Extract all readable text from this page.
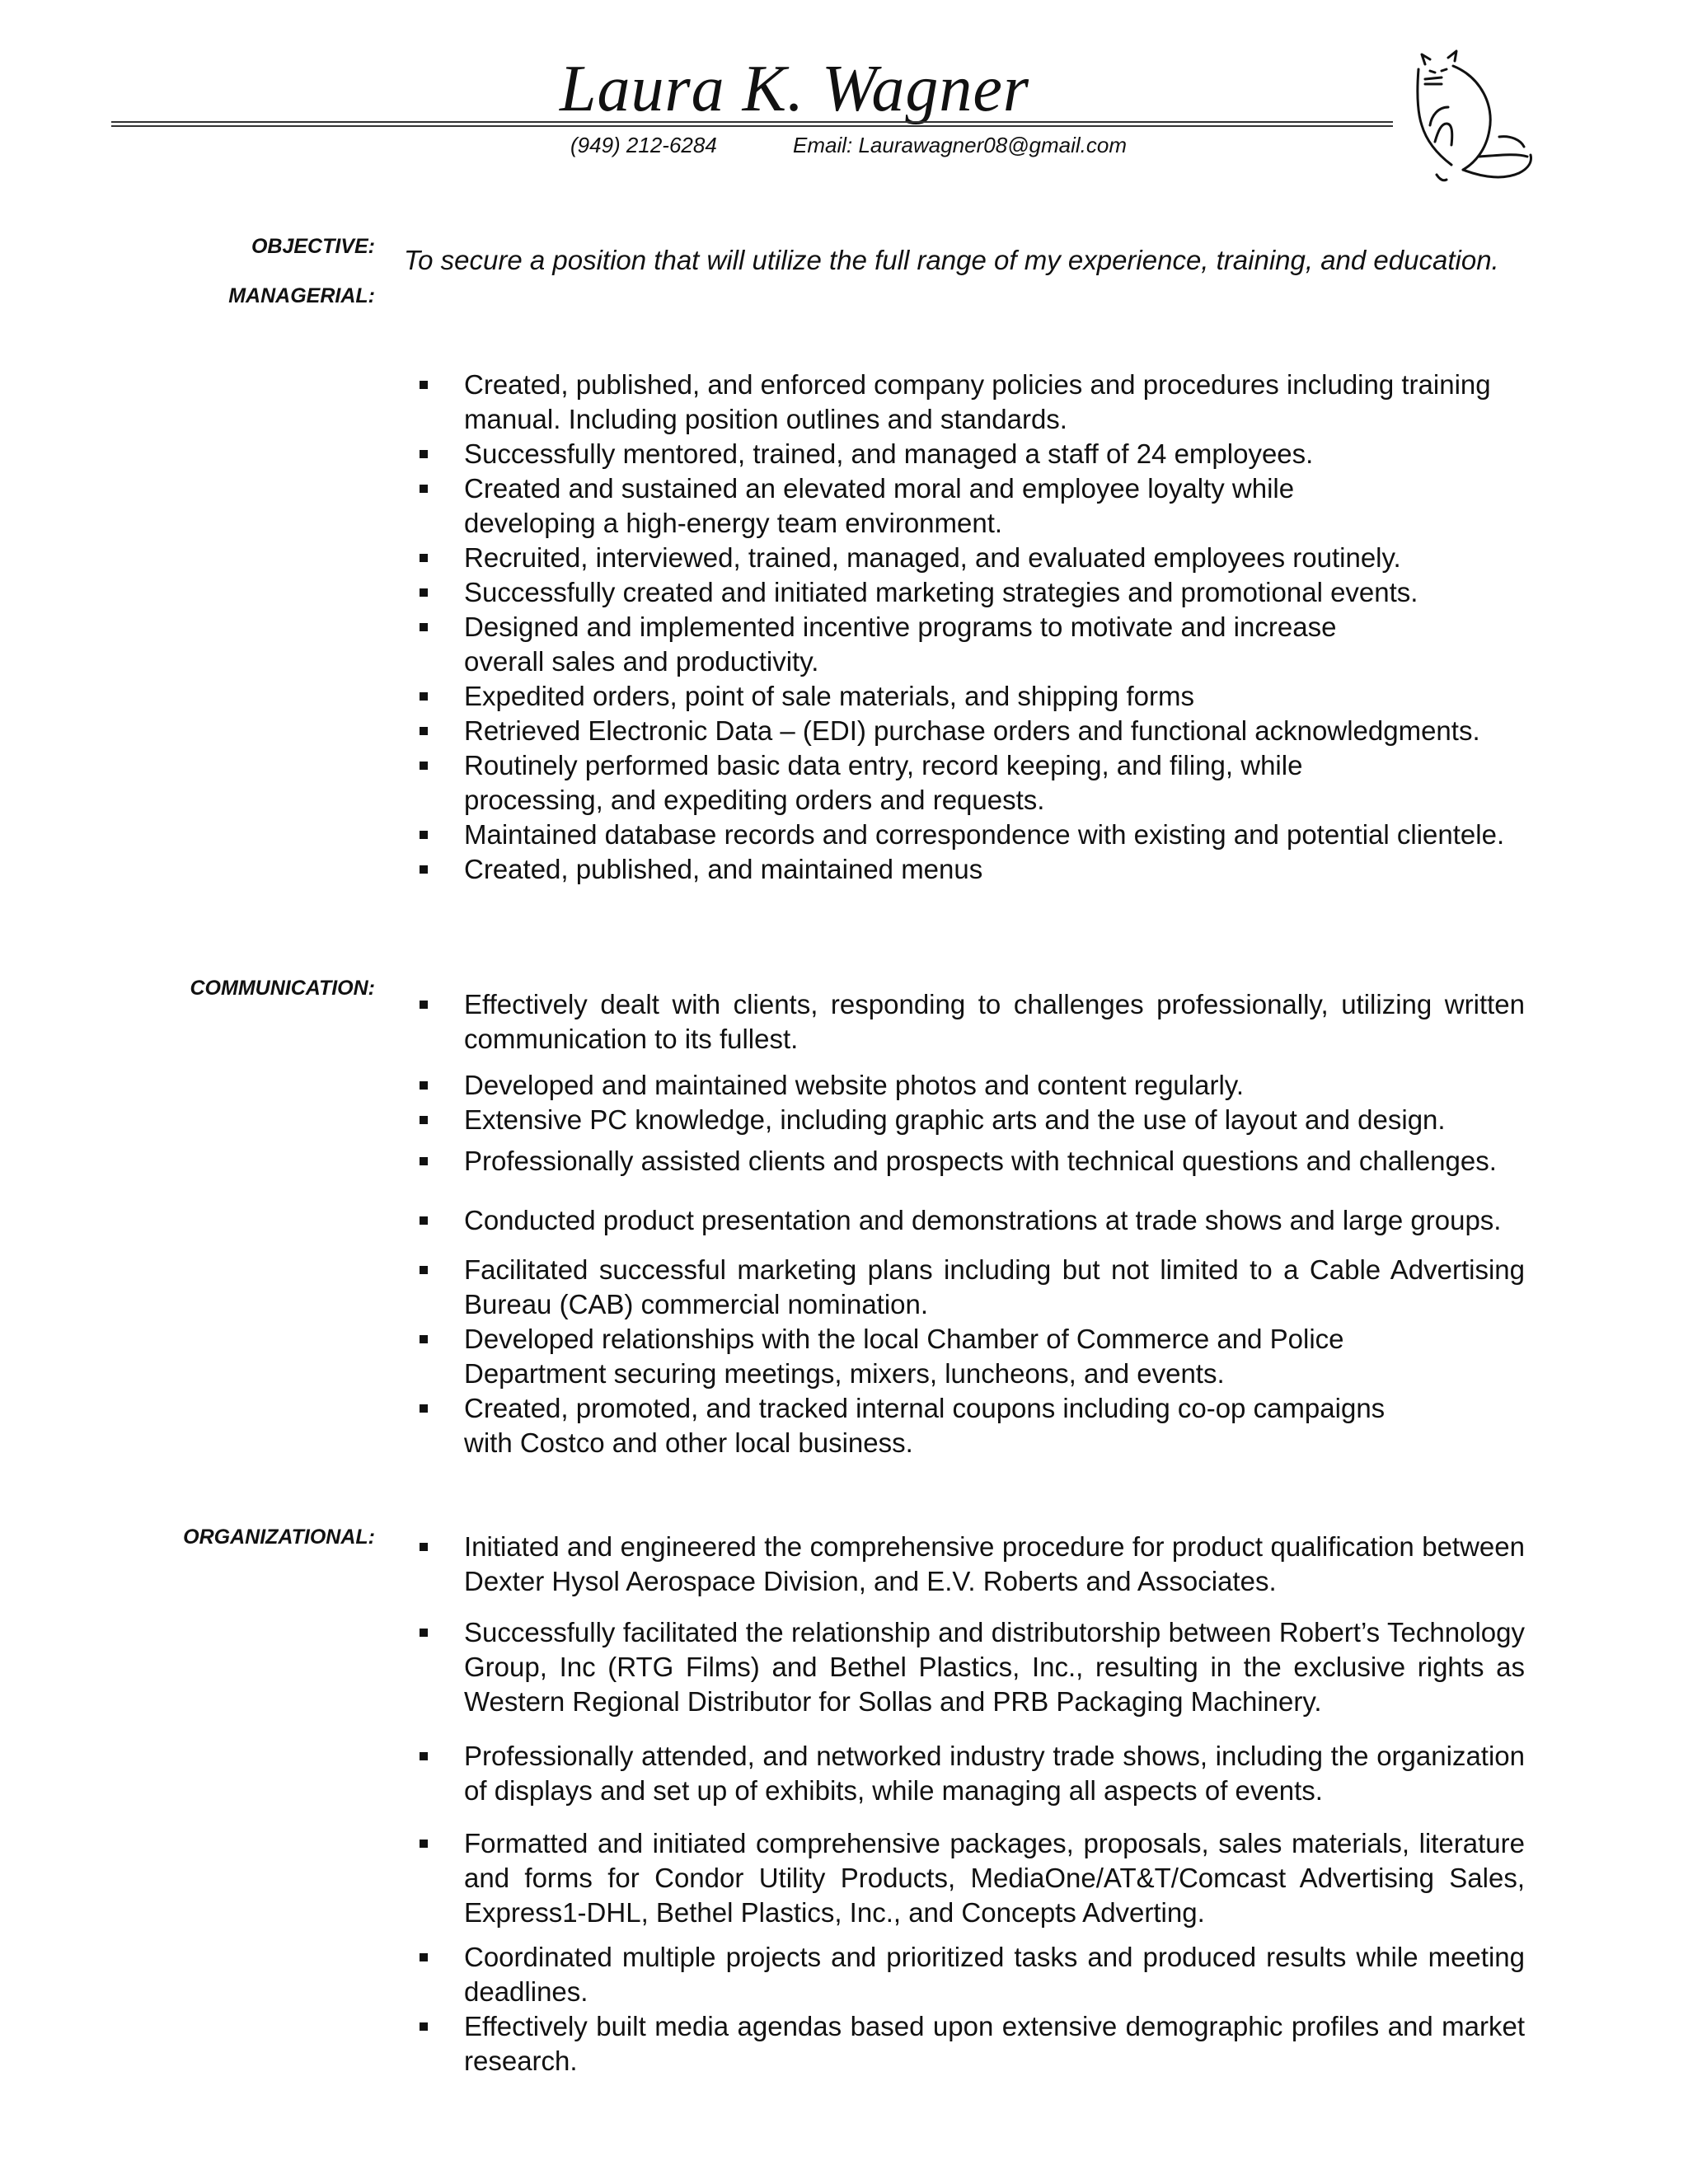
Laura K. Wagner
(949) 212-6284	Email: Laurawagner08@gmail.com
OBJECTIVE: To secure a position that will utilize the full range of my experience, training, and education.
MANAGERIAL:
Created, published, and enforced company policies and procedures including training manual. Including position outlines and standards.
Successfully mentored, trained, and managed a staff of 24 employees.
Created and sustained an elevated moral and employee loyalty while developing a high-energy team environment.
Recruited, interviewed, trained, managed, and evaluated employees routinely.
Successfully created and initiated marketing strategies and promotional events.
Designed and implemented incentive programs to motivate and increase overall sales and productivity.
Expedited orders, point of sale materials, and shipping forms
Retrieved Electronic Data – (EDI) purchase orders and functional acknowledgments.
Routinely performed basic data entry, record keeping, and filing, while processing, and expediting orders and requests.
Maintained database records and correspondence with existing and potential clientele.
Created, published, and maintained menus
COMMUNICATION:
Effectively dealt with clients, responding to challenges professionally, utilizing written communication to its fullest.
Developed and maintained website photos and content regularly.
Extensive PC knowledge, including graphic arts and the use of layout and design.
Professionally assisted clients and prospects with technical questions and challenges.
Conducted product presentation and demonstrations at trade shows and large groups.
Facilitated successful marketing plans including but not limited to a Cable Advertising Bureau (CAB) commercial nomination.
Developed relationships with the local Chamber of Commerce and Police Department securing meetings, mixers, luncheons, and events.
Created, promoted, and tracked internal coupons including co-op campaigns with Costco and other local business.
ORGANIZATIONAL:	Initiated and engineered the comprehensive procedure for product qualification between Dexter Hysol Aerospace Division, and E.V. Roberts and Associates.
Successfully facilitated the relationship and distributorship between Robert’s Technology Group, Inc (RTG Films) and Bethel Plastics, Inc., resulting in the exclusive rights as Western Regional Distributor for Sollas and PRB Packaging Machinery.
Professionally attended, and networked industry trade shows, including the organization of displays and set up of exhibits, while managing all aspects of events.
Formatted and initiated comprehensive packages, proposals, sales materials, literature and forms for Condor Utility Products, MediaOne/AT&T/Comcast Advertising Sales, Express1-DHL, Bethel Plastics, Inc., and Concepts Adverting.
Coordinated multiple projects and prioritized tasks and produced results while meeting deadlines.
Effectively built media agendas based upon extensive demographic profiles and market research.
